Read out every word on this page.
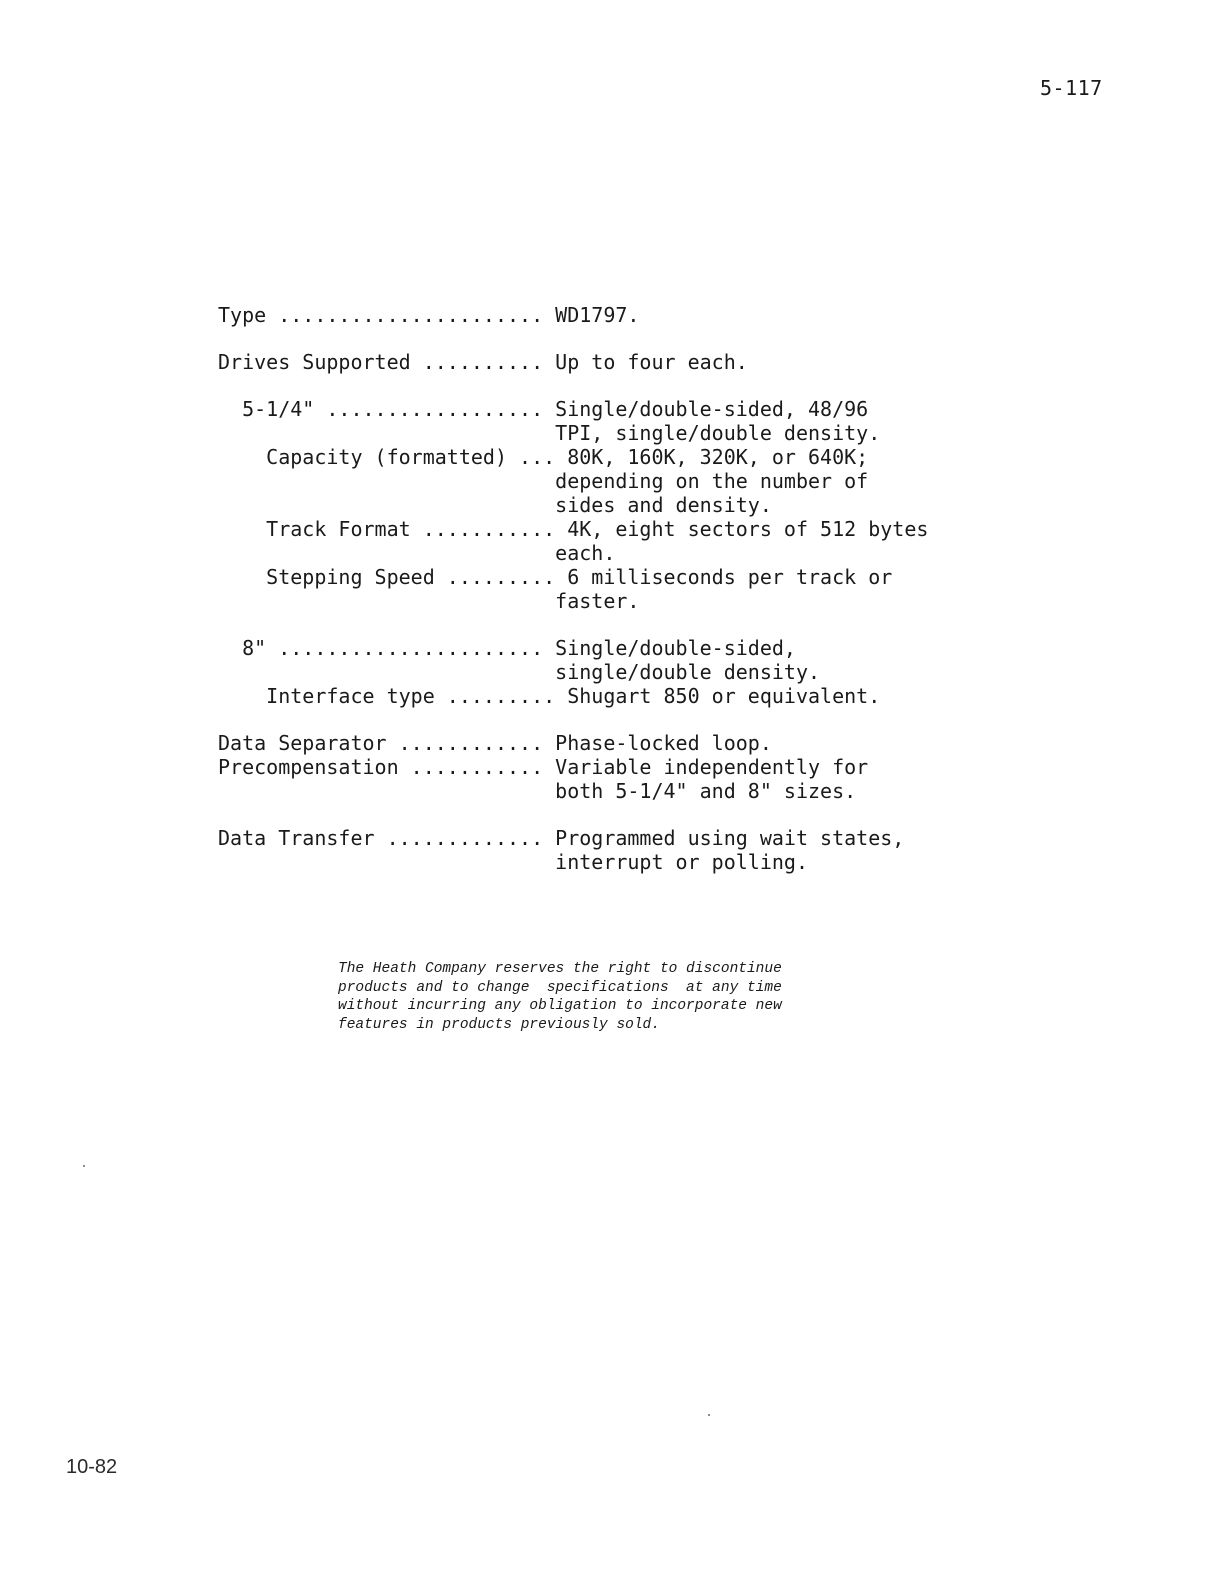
5-117
Type ...................... WD1797.
Drives Supported .......... Up to four each.
5-1/4" .................. Single/double-sided, 48/96
TPI, single/double density.
Capacity (formatted) ... 80K, 160K, 320K, or 640K;
depending on the number of
sides and density.
Track Format ........... 4K, eight sectors of 512 bytes
each.
Stepping Speed ......... 6 milliseconds per track or
faster.
8" ...................... Single/double-sided,
single/double density.
Interface type ......... Shugart 850 or equivalent.
Data Separator ............ Phase-locked loop.
Precompensation ........... Variable independently for
both 5-1/4" and 8" sizes.
Data Transfer ............. Programmed using wait states,
interrupt or polling.
The Heath Company reserves the right to discontinue
products and to change  specifications  at any time
without incurring any obligation to incorporate new
features in products previously sold.
10-82
